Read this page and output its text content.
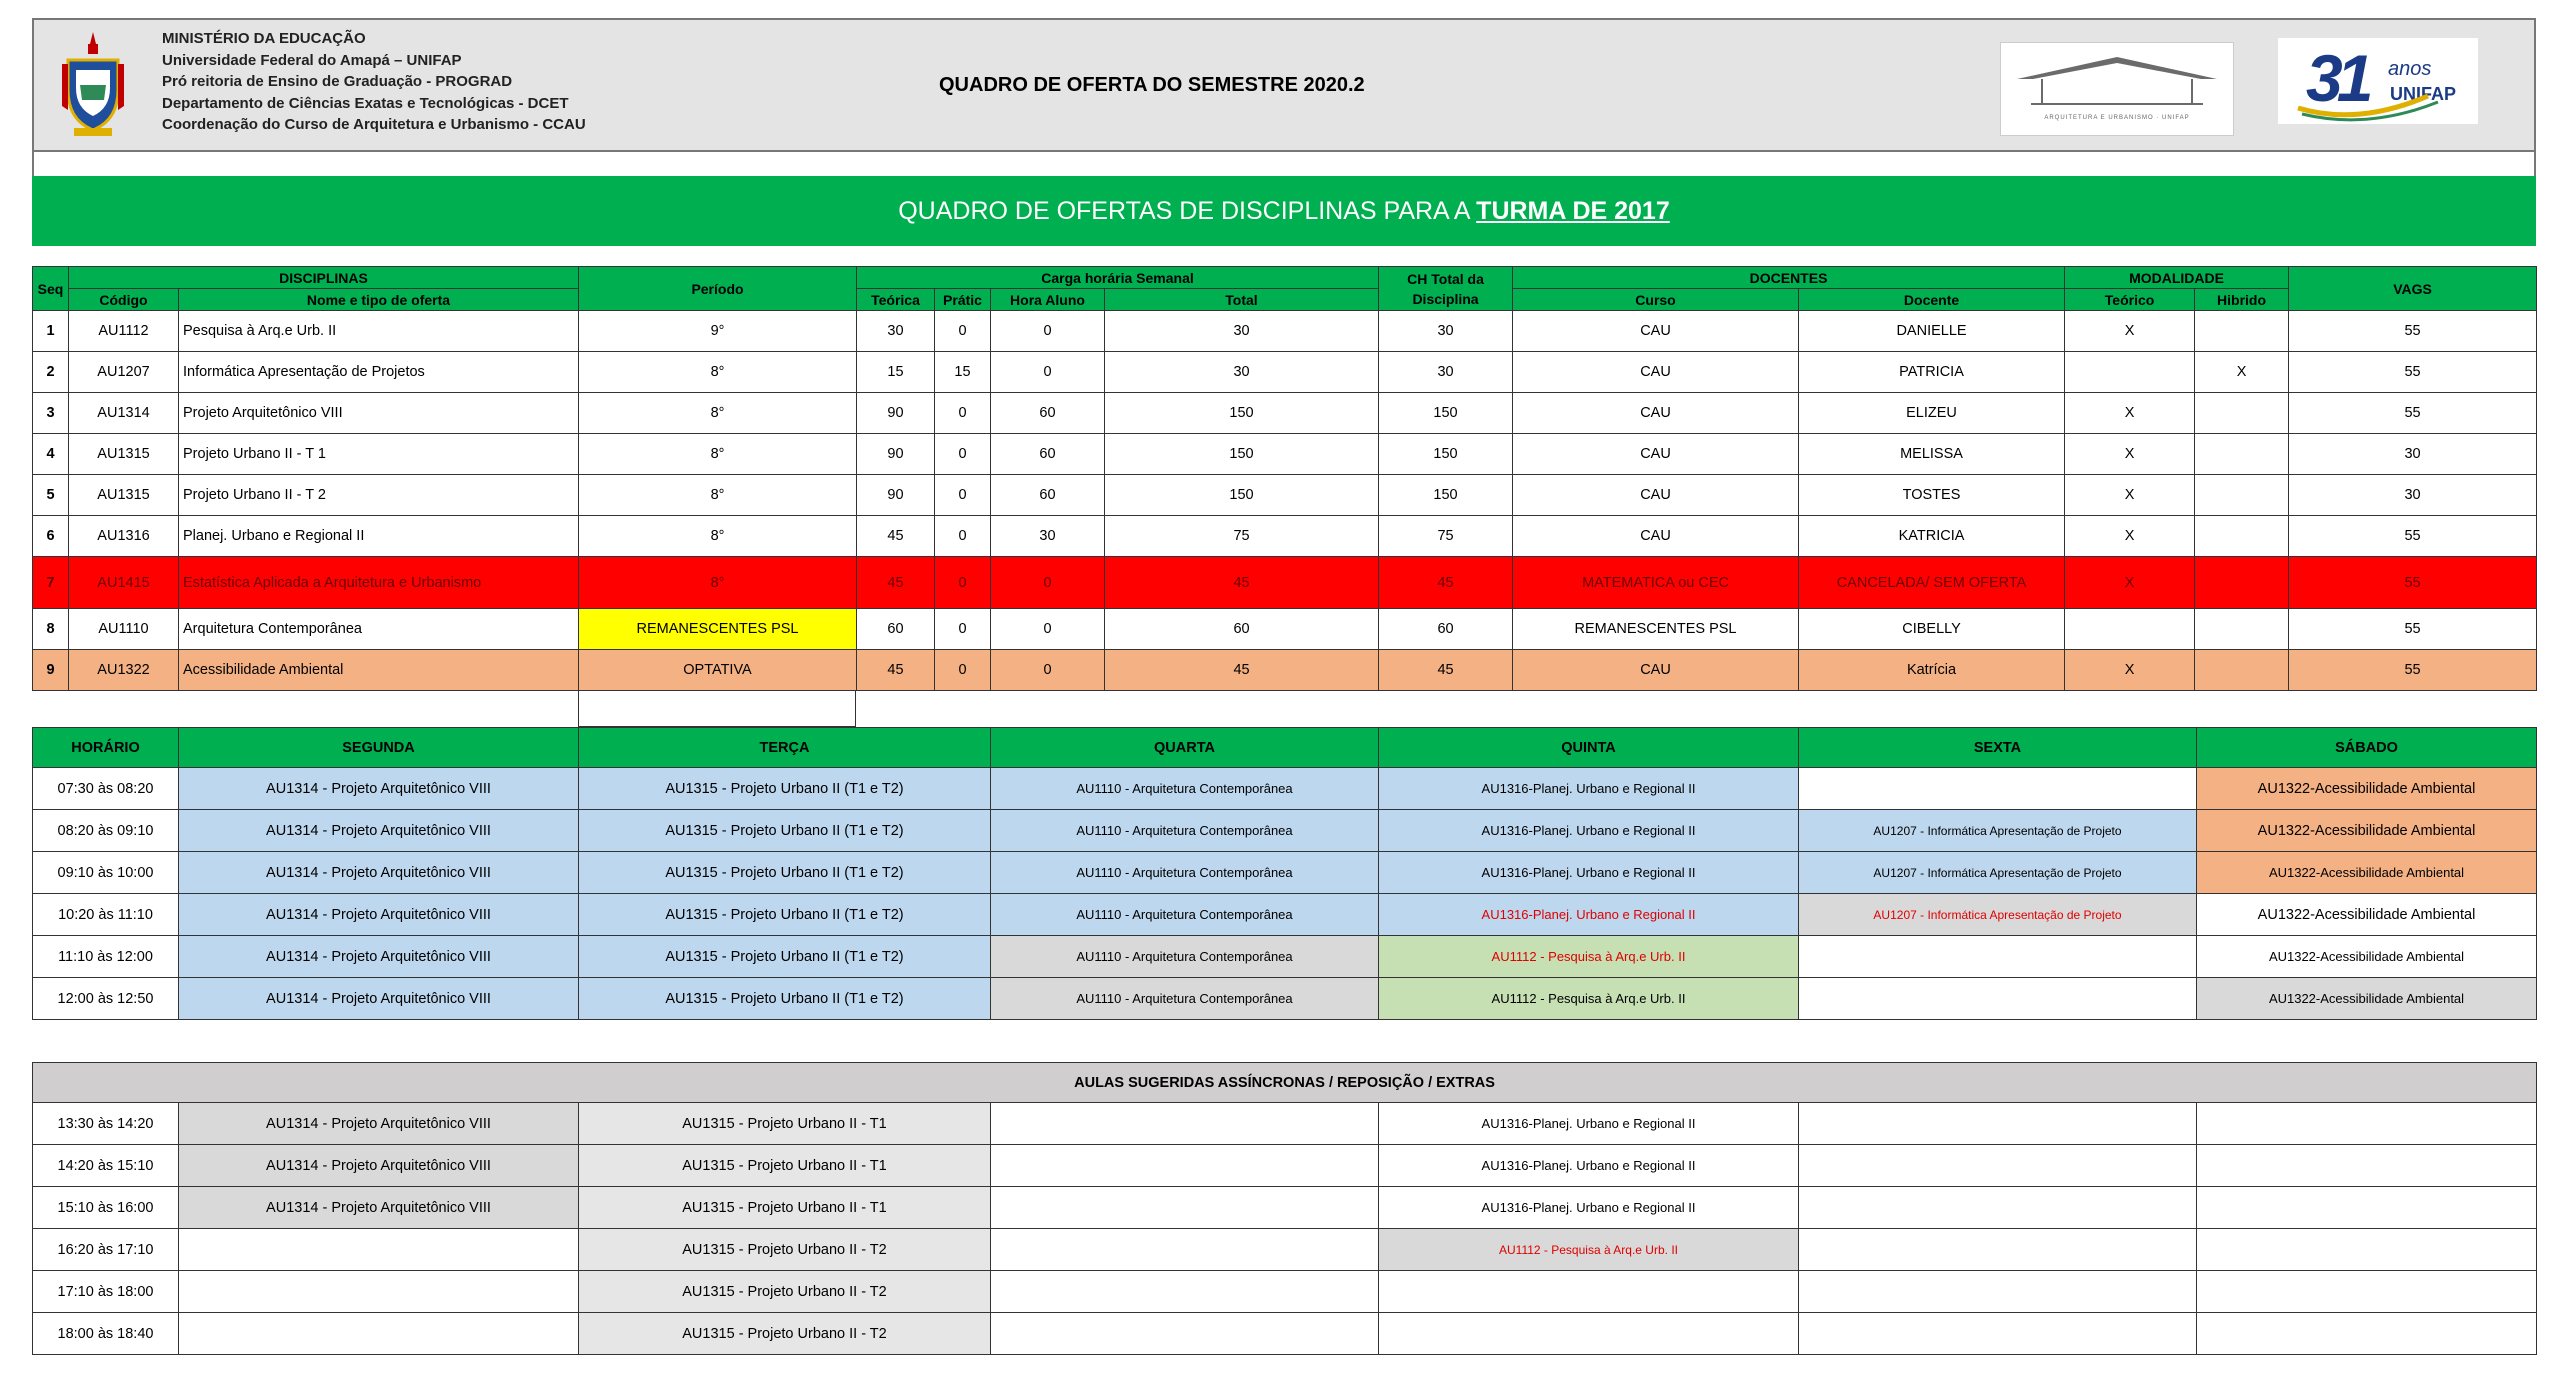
MINISTÉRIO DA EDUCAÇÃO
Universidade Federal do Amapá – UNIFAP
Pró reitoria de Ensino de Graduação - PROGRAD
Departamento de Ciências Exatas e Tecnológicas - DCET
Coordenação do Curso de Arquitetura e Urbanismo - CCAU
QUADRO DE OFERTA DO SEMESTRE 2020.2
ARQUITETURA E URBANISMO · UNIFAP
31 anos
UNIFAP
QUADRO DE OFERTAS DE DISCIPLINAS PARA A TURMA DE 2017
Seq	DISCIPLINAS		Período	Carga horária Semanal				CH Total da
Disciplina	DOCENTES		MODALIDADE		VAGS
	Código	Nome e tipo de oferta		Teórica	Prátic	Hora Aluno	Total		Curso	Docente	Teórico	Hibrido	
1	AU1112	Pesquisa à Arq.e Urb. II	9°	30	0	0	30	30	CAU	DANIELLE	X		55
2	AU1207	Informática Apresentação de Projetos	8°	15	15	0	30	30	CAU	PATRICIA		X	55
3	AU1314	Projeto Arquitetônico VIII	8°	90	0	60	150	150	CAU	ELIZEU	X		55
4	AU1315	Projeto Urbano II - T 1	8°	90	0	60	150	150	CAU	MELISSA	X		30
5	AU1315	Projeto Urbano II - T 2	8°	90	0	60	150	150	CAU	TOSTES	X		30
6	AU1316	Planej. Urbano e Regional II	8°	45	0	30	75	75	CAU	KATRICIA	X		55
7	AU1415	Estatística Aplicada a Arquitetura e Urbanismo	8°	45	0	0	45	45	MATEMATICA ou CEC	CANCELADA/ SEM OFERTA	X		55
8	AU1110	Arquitetura Contemporânea	REMANESCENTES PSL	60	0	0	60	60	REMANESCENTES PSL	CIBELLY			55
9	AU1322	Acessibilidade Ambiental	OPTATIVA	45	0	0	45	45	CAU	Katrícia	X		55
HORÁRIO	SEGUNDA	TERÇA	QUARTA	QUINTA	SEXTA	SÁBADO
07:30 às 08:20	AU1314 - Projeto Arquitetônico VIII	AU1315 - Projeto Urbano II (T1 e T2)	AU1110 - Arquitetura Contemporânea	AU1316-Planej. Urbano e Regional II		AU1322-Acessibilidade Ambiental
08:20 às 09:10	AU1314 - Projeto Arquitetônico VIII	AU1315 - Projeto Urbano II (T1 e T2)	AU1110 - Arquitetura Contemporânea	AU1316-Planej. Urbano e Regional II	AU1207 - Informática Apresentação de Projeto	AU1322-Acessibilidade Ambiental
09:10 às 10:00	AU1314 - Projeto Arquitetônico VIII	AU1315 - Projeto Urbano II (T1 e T2)	AU1110 - Arquitetura Contemporânea	AU1316-Planej. Urbano e Regional II	AU1207 - Informática Apresentação de Projeto	AU1322-Acessibilidade Ambiental
10:20 às 11:10	AU1314 - Projeto Arquitetônico VIII	AU1315 - Projeto Urbano II (T1 e T2)	AU1110 - Arquitetura Contemporânea	AU1316-Planej. Urbano e Regional II	AU1207 - Informática Apresentação de Projeto	AU1322-Acessibilidade Ambiental
11:10 às 12:00	AU1314 - Projeto Arquitetônico VIII	AU1315 - Projeto Urbano II (T1 e T2)	AU1110 - Arquitetura Contemporânea	AU1112 - Pesquisa à Arq.e Urb. II		AU1322-Acessibilidade Ambiental
12:00 às 12:50	AU1314 - Projeto Arquitetônico VIII	AU1315 - Projeto Urbano II (T1 e T2)	AU1110 - Arquitetura Contemporânea	AU1112 - Pesquisa à Arq.e Urb. II		AU1322-Acessibilidade Ambiental
AULAS SUGERIDAS ASSÍNCRONAS / REPOSIÇÃO / EXTRAS						
13:30 às 14:20	AU1314 - Projeto Arquitetônico VIII	AU1315 - Projeto Urbano II - T1		AU1316-Planej. Urbano e Regional II		
14:20 às 15:10	AU1314 - Projeto Arquitetônico VIII	AU1315 - Projeto Urbano II - T1		AU1316-Planej. Urbano e Regional II		
15:10 às 16:00	AU1314 - Projeto Arquitetônico VIII	AU1315 - Projeto Urbano II - T1		AU1316-Planej. Urbano e Regional II		
16:20 às 17:10		AU1315 - Projeto Urbano II - T2		AU1112 - Pesquisa à Arq.e Urb. II		
17:10 às 18:00		AU1315 - Projeto Urbano II - T2				
18:00 às 18:40		AU1315 - Projeto Urbano II - T2				
